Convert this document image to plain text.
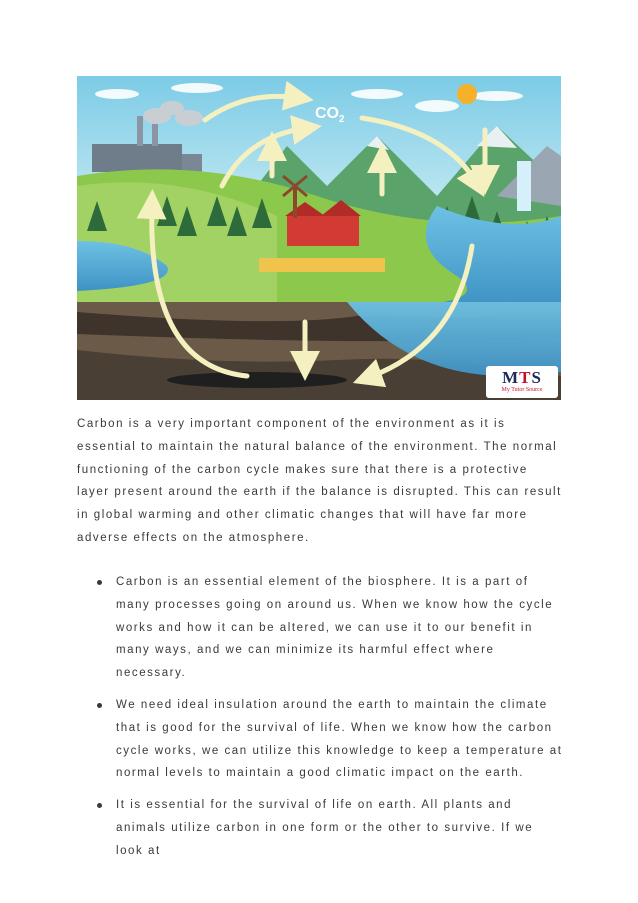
$CO_2$
MTS
My Tutor Source

Carbon is a very important component of the environment as it is essential to maintain the natural balance of the environment. The normal functioning of the carbon cycle makes sure that there is a protective layer present around the earth if the balance is disrupted. This can result in global warming and other climatic changes that will have far more adverse effects on the atmosphere.

Carbon is an essential element of the biosphere. It is a part of many processes going on around us. When we know how the cycle works and how it can be altered, we can use it to our benefit in many ways, and we can minimize its harmful effect where necessary.
We need ideal insulation around the earth to maintain the climate that is good for the survival of life. When we know how the carbon cycle works, we can utilize this knowledge to keep a temperature at normal levels to maintain a good climatic impact on the earth.
It is essential for the survival of life on earth. All plants and animals utilize carbon in one form or the other to survive. If we look at
